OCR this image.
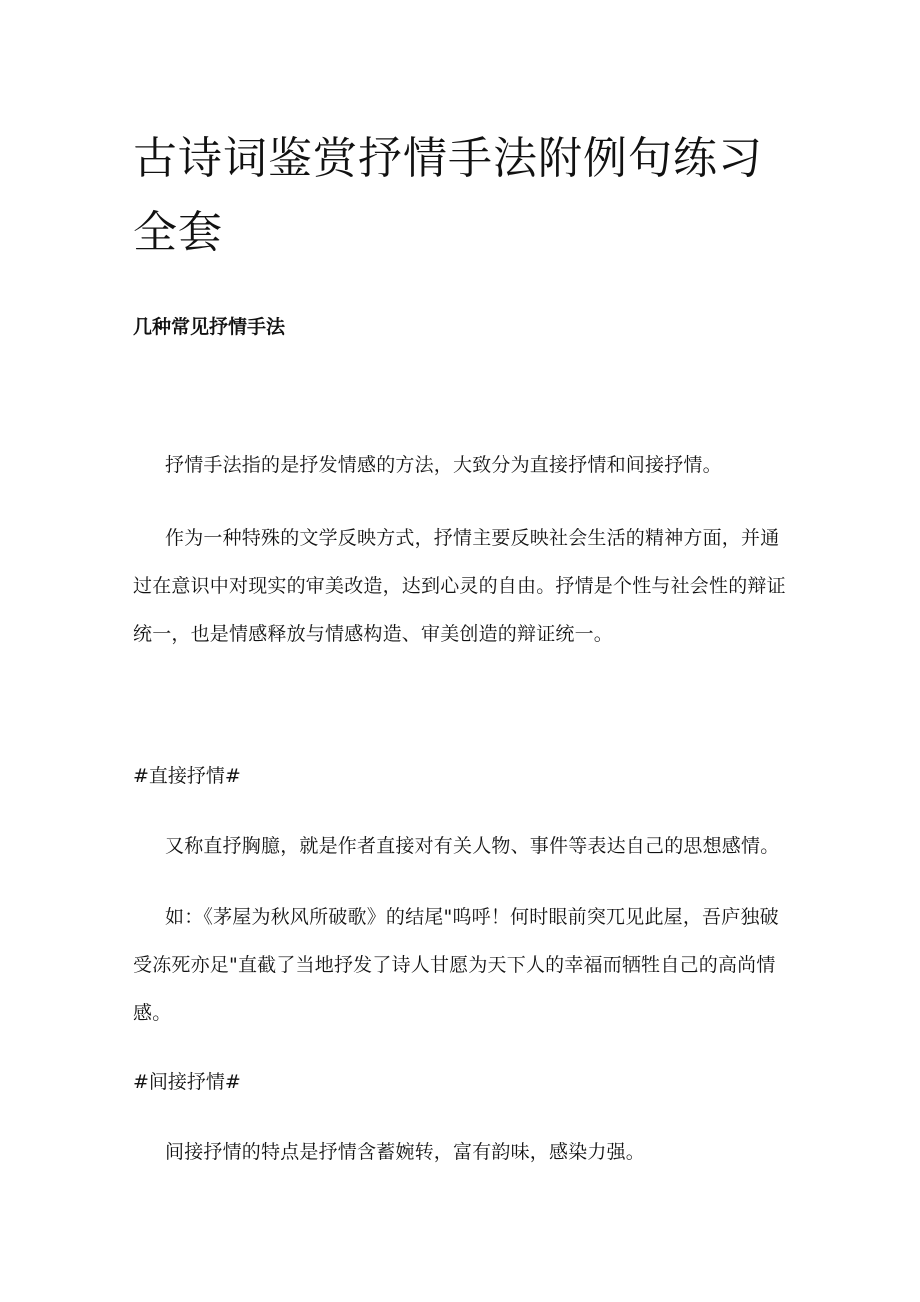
古诗词鉴赏抒情手法附例句练习全套
几种常见抒情手法

抒情手法指的是抒发情感的方法，大致分为直接抒情和间接抒情。

作为一种特殊的文学反映方式，抒情主要反映社会生活的精神方面，并通过在意识中对现实的审美改造，达到心灵的自由。抒情是个性与社会性的辩证统一，也是情感释放与情感构造、审美创造的辩证统一。

#直接抒情#

又称直抒胸臆，就是作者直接对有关人物、事件等表达自己的思想感情。

如：《茅屋为秋风所破歌》的结尾"呜呼！何时眼前突兀见此屋，吾庐独破受冻死亦足"直截了当地抒发了诗人甘愿为天下人的幸福而牺牲自己的高尚情感。

#间接抒情#

间接抒情的特点是抒情含蓄婉转，富有韵味，感染力强。
